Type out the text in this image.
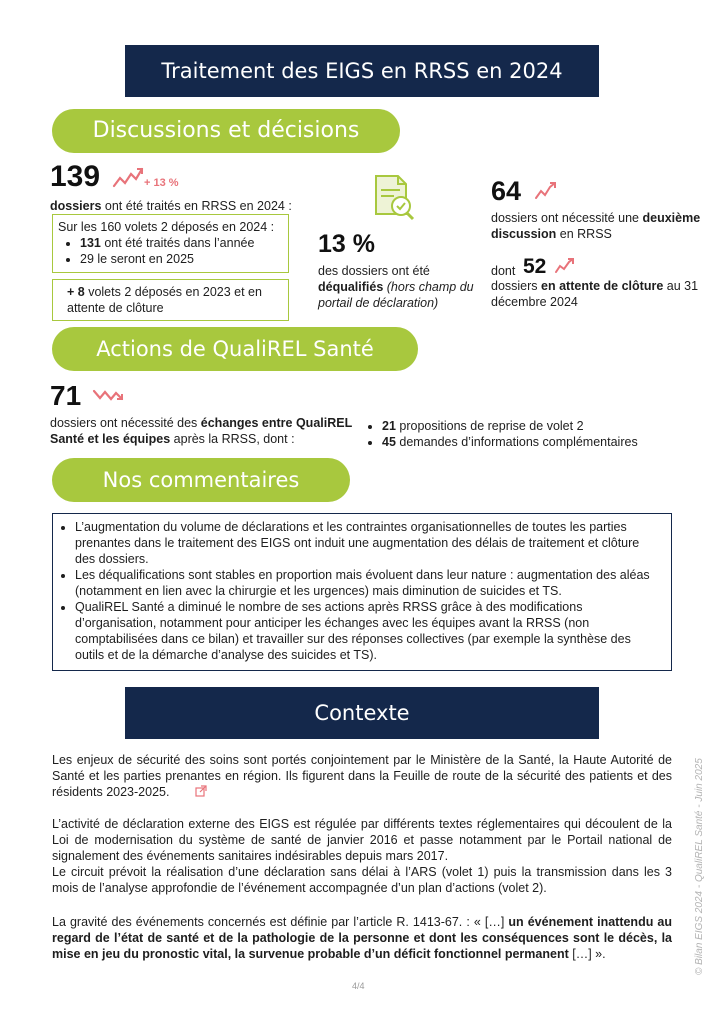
Traitement des EIGS en RRSS en 2024
Discussions et décisions
139	+ 13 %
dossiers ont été traités en RRSS en 2024 :
Sur les 160 volets 2 déposés en 2024 :
• 131 ont été traités dans l’année
• 29 le seront en 2025
+ 8 volets 2 déposés en 2023 et en attente de clôture
13 %
des dossiers ont été
déqualifiés (hors champ du portail de déclaration)
64
dossiers ont nécessité une deuxième discussion en RRSS
dont 52
dossiers en attente de clôture au 31 décembre 2024
Actions de QualiREL Santé
71
dossiers ont nécessité des échanges entre QualiREL Santé et les équipes après la RRSS, dont :
• 21 propositions de reprise de volet 2
• 45 demandes d’informations complémentaires
Nos commentaires
• L’augmentation du volume de déclarations et les contraintes organisationnelles de toutes les parties prenantes dans le traitement des EIGS ont induit une augmentation des délais de traitement et clôture des dossiers.
• Les déqualifications sont stables en proportion mais évoluent dans leur nature : augmentation des aléas (notamment en lien avec la chirurgie et les urgences) mais diminution de suicides et TS.
• QualiREL Santé a diminué le nombre de ses actions après RRSS grâce à des modifications d’organisation, notamment pour anticiper les échanges avec les équipes avant la RRSS (non comptabilisées dans ce bilan) et travailler sur des réponses collectives (par exemple la synthèse des outils et de la démarche d’analyse des suicides et TS).
Contexte
Les enjeux de sécurité des soins sont portés conjointement par le Ministère de la Santé, la Haute Autorité de Santé et les parties prenantes en région. Ils figurent dans la Feuille de route de la sécurité des patients et des résidents 2023-2025.
L’activité de déclaration externe des EIGS est régulée par différents textes réglementaires qui découlent de la Loi de modernisation du système de santé de janvier 2016 et passe notamment par le Portail national de signalement des événements sanitaires indésirables depuis mars 2017.
Le circuit prévoit la réalisation d’une déclaration sans délai à l’ARS (volet 1) puis la transmission dans les 3 mois de l’analyse approfondie de l’événement accompagnée d’un plan d’actions (volet 2).
La gravité des événements concernés est définie par l’article R. 1413-67. : « […] un événement inattendu au regard de l’état de santé et de la pathologie de la personne et dont les conséquences sont le décès, la mise en jeu du pronostic vital, la survenue probable d’un déficit fonctionnel permanent […] ».
4/4
© Bilan EIGS 2024 - QualiREL Santé - Juin 2025
